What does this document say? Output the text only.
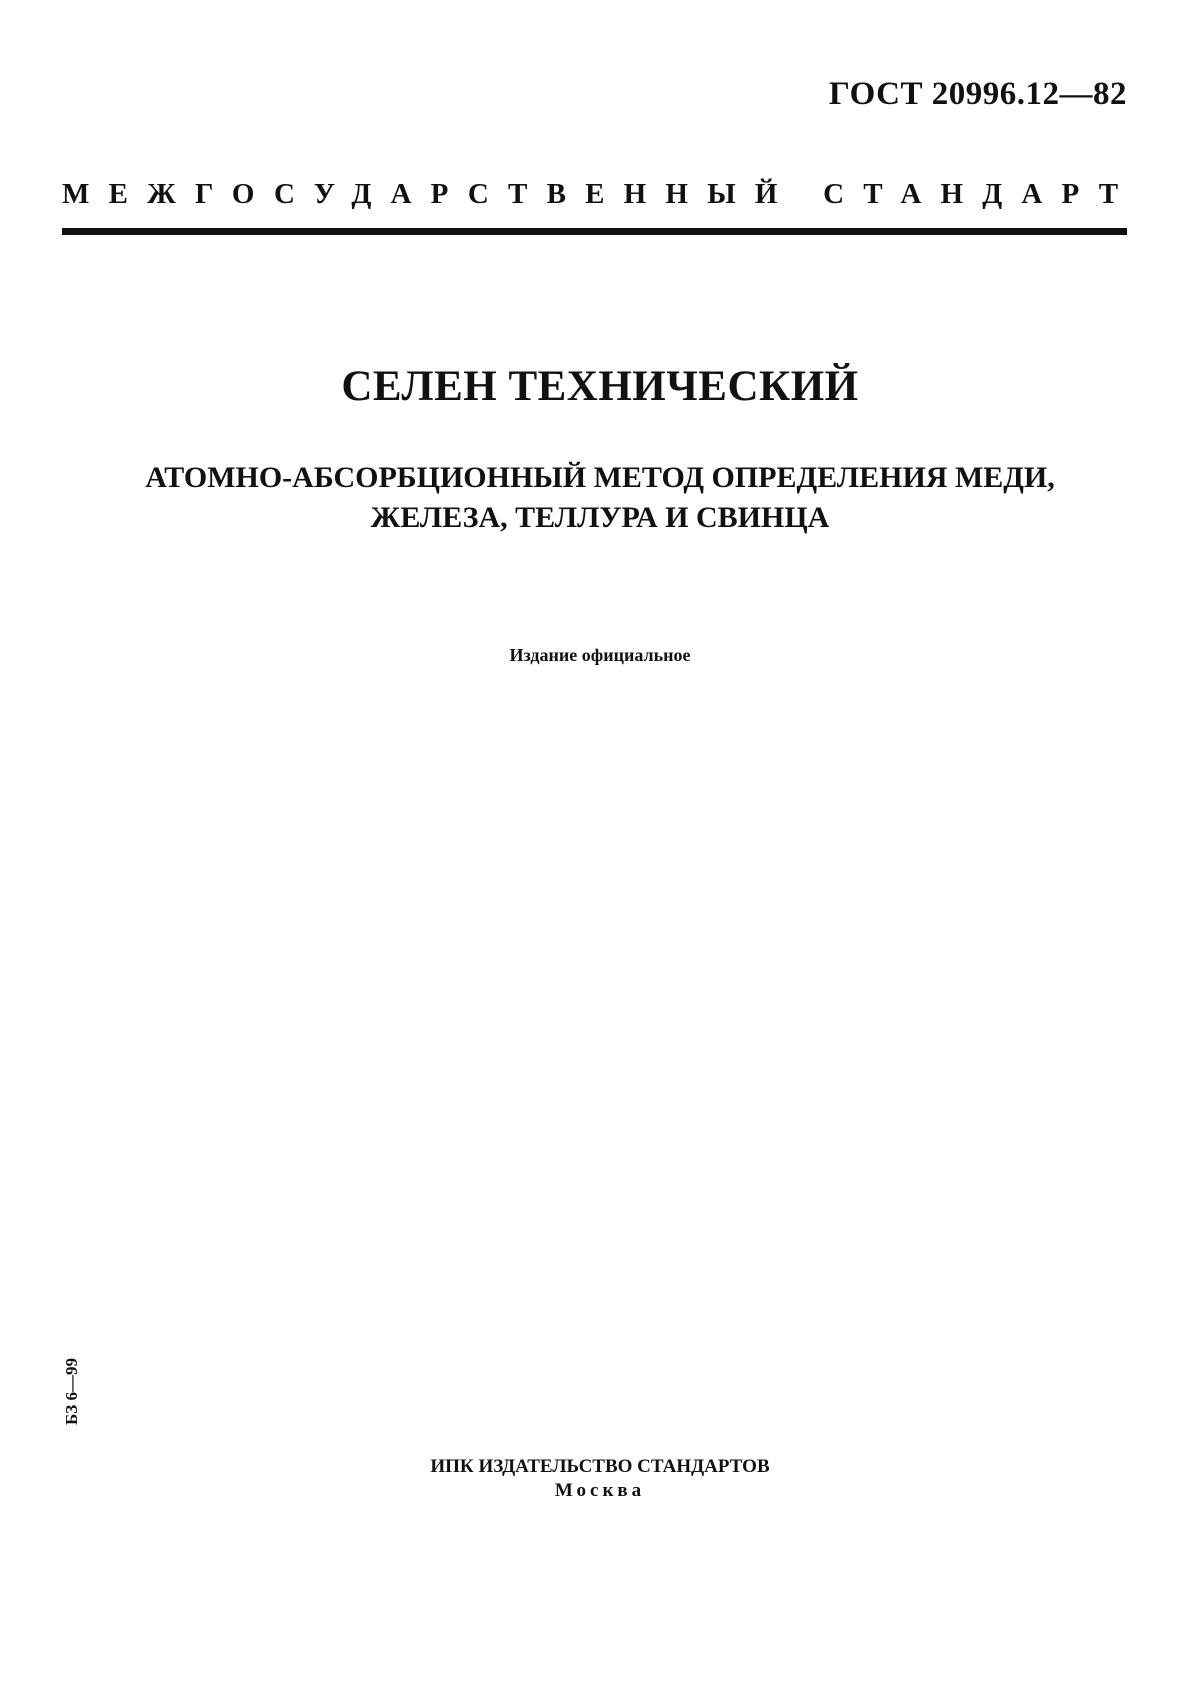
ГОСТ 20996.12—82
МЕЖГОСУДАРСТВЕННЫЙ СТАНДАРТ
СЕЛЕН ТЕХНИЧЕСКИЙ
АТОМНО-АБСОРБЦИОННЫЙ МЕТОД ОПРЕДЕЛЕНИЯ МЕДИ,
ЖЕЛЕЗА, ТЕЛЛУРА И СВИНЦА
Издание официальное
БЗ 6—99
ИПК ИЗДАТЕЛЬСТВО СТАНДАРТОВ
Москва
